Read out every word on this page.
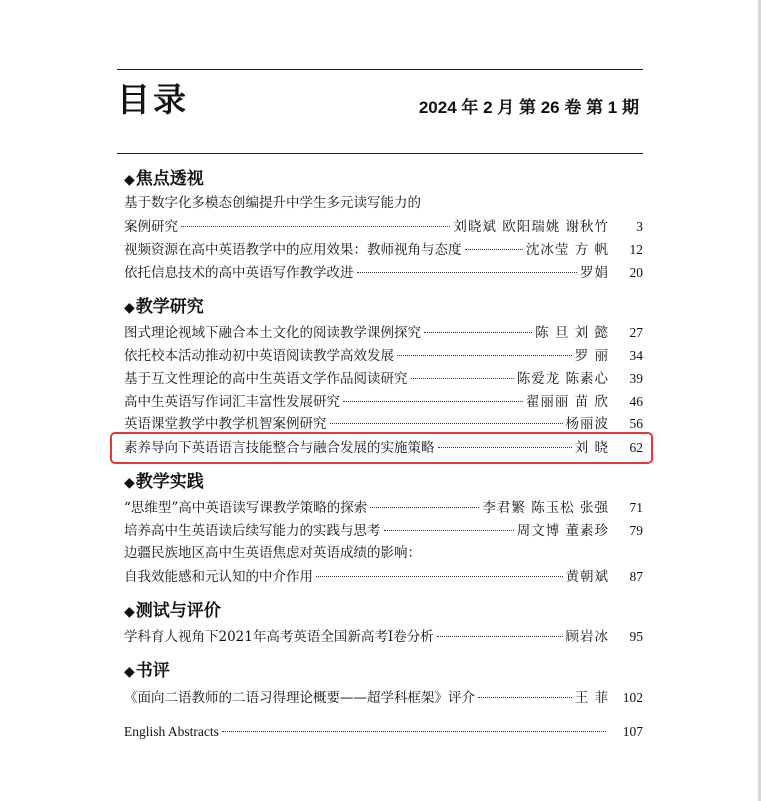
目录	2024 年 2 月 第 26 卷 第 1 期
◆焦点透视
基于数字化多模态创编提升中学生多元读写能力的
案例研究	刘晓斌 欧阳瑞姚 谢秋竹	3
视频资源在高中英语教学中的应用效果：教师视角与态度	沈冰莹 方 帆	12
依托信息技术的高中英语写作教学改进	罗娟	20
◆教学研究
图式理论视域下融合本土文化的阅读教学课例探究	陈 旦 刘 懿	27
依托校本活动推动初中英语阅读教学高效发展	罗 丽	34
基于互文性理论的高中生英语文学作品阅读研究	陈爱龙 陈素心	39
高中生英语写作词汇丰富性发展研究	翟丽丽 苗 欣	46
英语课堂教学中教学机智案例研究	杨丽波	56
素养导向下英语语言技能整合与融合发展的实施策略	刘 晓	62
◆教学实践
“思维型”高中英语读写课教学策略的探索	李君繁 陈玉松 张强	71
培养高中生英语读后续写能力的实践与思考	周文博 董素珍	79
边疆民族地区高中生英语焦虑对英语成绩的影响：
自我效能感和元认知的中介作用	黄朝斌	87
◆测试与评价
学科育人视角下2021年高考英语全国新高考I卷分析	顾岩冰	95
◆书评
《面向二语教师的二语习得理论概要——超学科框架》评介	王 菲	102
English Abstracts	107
